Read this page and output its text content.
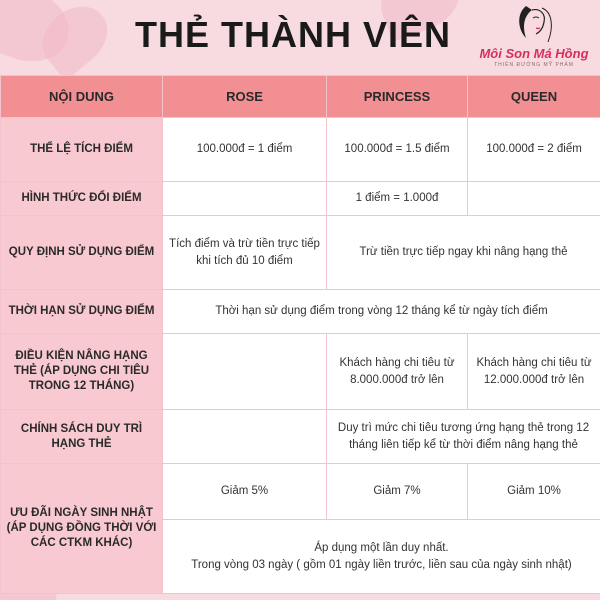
THẺ THÀNH VIÊN	Môi Son Má Hồng
THIÊN ĐƯỜNG MỸ PHẨM
NỘI DUNG	ROSE	PRINCESS	QUEEN
THỂ LỆ TÍCH ĐIỂM	100.000đ = 1 điểm	100.000đ = 1.5 điểm	100.000đ = 2 điểm
HÌNH THỨC ĐỔI ĐIỂM		1 điểm = 1.000đ	
QUY ĐỊNH SỬ DỤNG ĐIỂM	Tích điểm và trừ tiền trực tiếp khi tích đủ 10 điểm	Trừ tiền trực tiếp ngay khi nâng hạng thẻ	
THỜI HẠN SỬ DỤNG ĐIỂM	Thời hạn sử dụng điểm trong vòng 12 tháng kể từ ngày tích điểm		
ĐIỀU KIỆN NÂNG HẠNG THẺ (ÁP DỤNG CHI TIÊU TRONG 12 THÁNG)		Khách hàng chi tiêu từ 8.000.000đ trở lên	Khách hàng chi tiêu từ 12.000.000đ trở lên
CHÍNH SÁCH DUY TRÌ HẠNG THẺ		Duy trì mức chi tiêu tương ứng hạng thẻ trong 12 tháng liên tiếp kể từ thời điểm nâng hạng thẻ	
ƯU ĐÃI NGÀY SINH NHẬT (ÁP DỤNG ĐỒNG THỜI VỚI CÁC CTKM KHÁC)	Giảm 5%	Giảm 7%	Giảm 10%

	Áp dụng một lần duy nhất.
Trong vòng 03 ngày ( gồm 01 ngày liền trước, liền sau của ngày sinh nhật)		
